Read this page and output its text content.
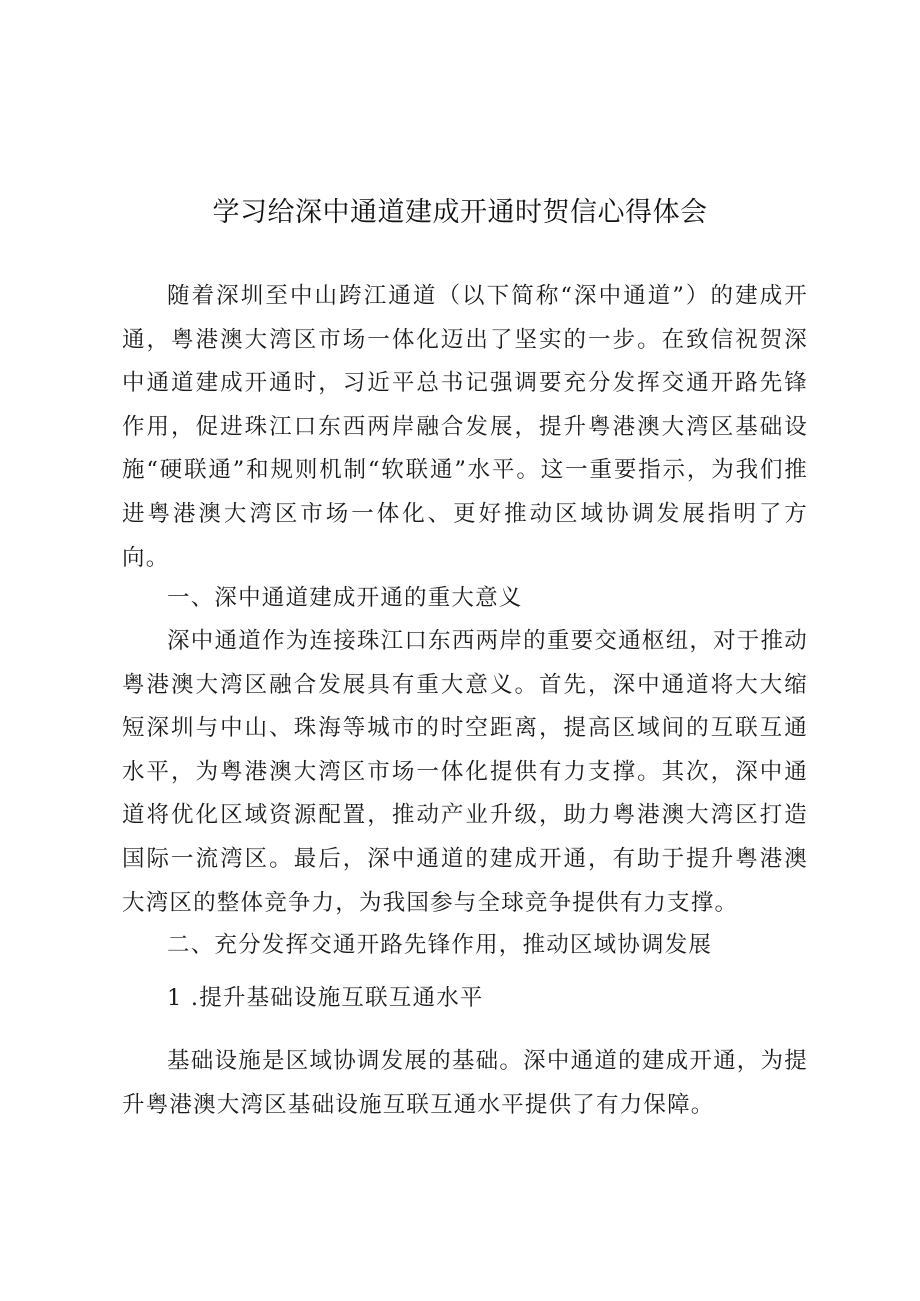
学习给深中通道建成开通时贺信心得体会

随着深圳至中山跨江通道（以下简称“深中通道”）的建成开通，粤港澳大湾区市场一体化迈出了坚实的一步。在致信祝贺深中通道建成开通时，习近平总书记强调要充分发挥交通开路先锋作用，促进珠江口东西两岸融合发展，提升粤港澳大湾区基础设施“硬联通”和规则机制“软联通”水平。这一重要指示，为我们推进粤港澳大湾区市场一体化、更好推动区域协调发展指明了方向。

一、深中通道建成开通的重大意义

深中通道作为连接珠江口东西两岸的重要交通枢纽，对于推动粤港澳大湾区融合发展具有重大意义。首先，深中通道将大大缩短深圳与中山、珠海等城市的时空距离，提高区域间的互联互通水平，为粤港澳大湾区市场一体化提供有力支撑。其次，深中通道将优化区域资源配置，推动产业升级，助力粤港澳大湾区打造国际一流湾区。最后，深中通道的建成开通，有助于提升粤港澳大湾区的整体竞争力，为我国参与全球竞争提供有力支撑。

二、充分发挥交通开路先锋作用，推动区域协调发展

1 .提升基础设施互联互通水平

基础设施是区域协调发展的基础。深中通道的建成开通，为提升粤港澳大湾区基础设施互联互通水平提供了有力保障。
